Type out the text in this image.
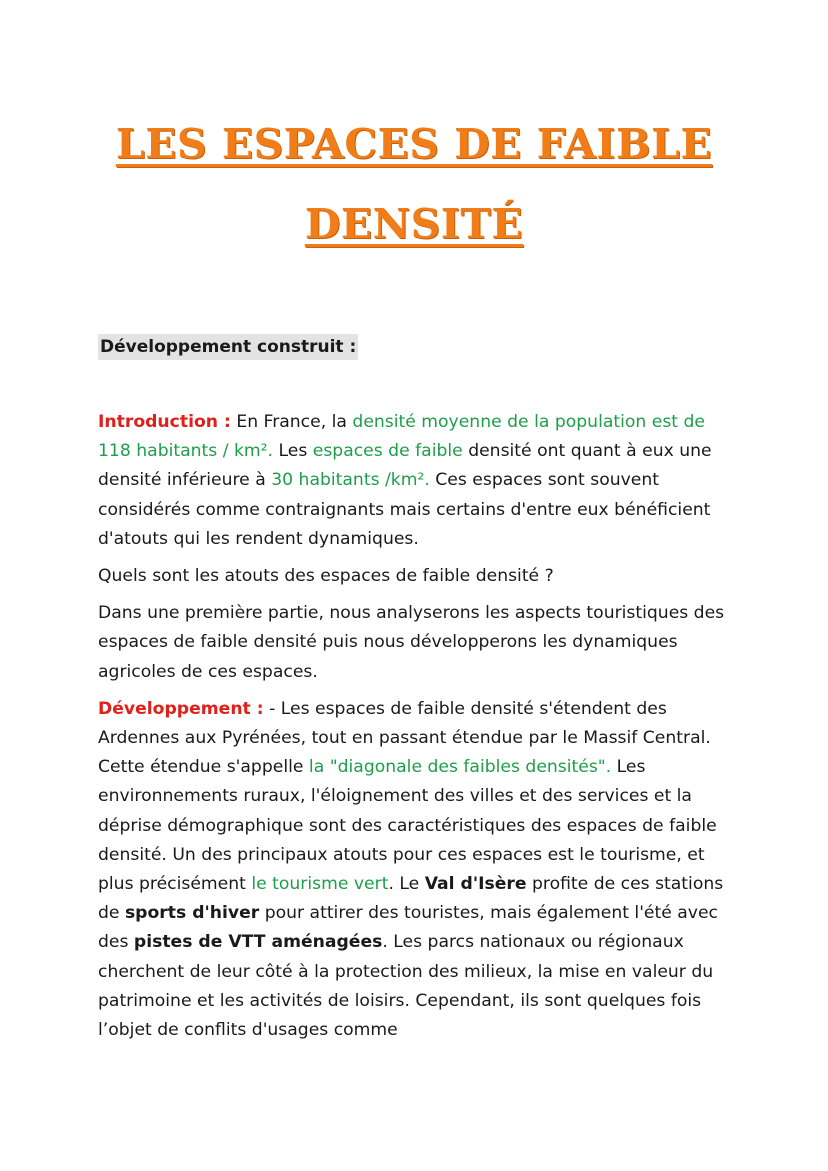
LES ESPACES DE FAIBLE
DENSITÉ
Développement construit :

Introduction : En France, la densité moyenne de la population est de 118 habitants / km². Les espaces de faible densité ont quant à eux une densité inférieure à 30 habitants /km². Ces espaces sont souvent considérés comme contraignants mais certains d'entre eux bénéficient d'atouts qui les rendent dynamiques.

Quels sont les atouts des espaces de faible densité ?

Dans une première partie, nous analyserons les aspects touristiques des espaces de faible densité puis nous développerons les dynamiques agricoles de ces espaces.

Développement : - Les espaces de faible densité s'étendent des Ardennes aux Pyrénées, tout en passant étendue par le Massif Central. Cette étendue s'appelle la "diagonale des faibles densités". Les environnements ruraux, l'éloignement des villes et des services et la déprise démographique sont des caractéristiques des espaces de faible densité. Un des principaux atouts pour ces espaces est le tourisme, et plus précisément le tourisme vert. Le Val d'Isère profite de ces stations de sports d'hiver pour attirer des touristes, mais également l'été avec des pistes de VTT aménagées. Les parcs nationaux ou régionaux cherchent de leur côté à la protection des milieux, la mise en valeur du patrimoine et les activités de loisirs. Cependant, ils sont quelques fois l’objet de conflits d'usages comme
